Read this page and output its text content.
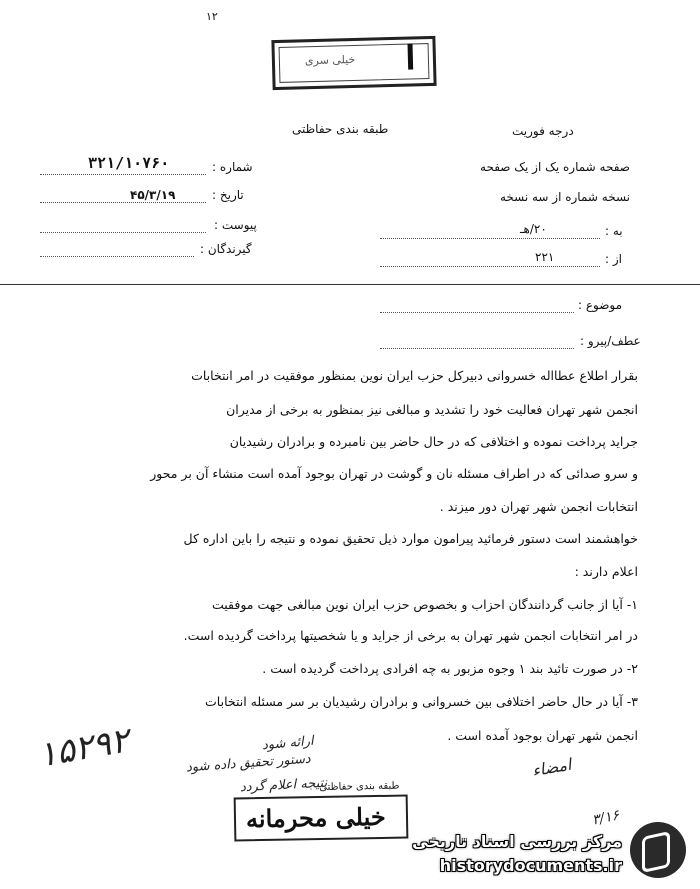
۱۲
خیلی سری
طبقه بندی حفاظتی	درجه فوریت
شماره :
۳۲۱/۱۰۷۶۰
تاریخ :
۴۵/۳/۱۹
پیوست :
گیرندگان :
صفحه شماره یک از یک صفحه
نسخه شماره از سه نسخه
به :
۲۰/هـ
از :
۲۲۱
موضوع :
عطف/پیرو :
بقرار اطلاع عطااله خسروانی دبیرکل حزب ایران نوین بمنظور موفقیت در امر انتخابات
انجمن شهر تهران فعالیت خود را تشدید و مبالغی نیز بمنظور به برخی از مدیران
جراید پرداخت نموده و اختلافی که در حال حاضر بین نامبرده و برادران رشیدیان
و سرو صدائی که در اطراف مسئله نان و گوشت در تهران بوجود آمده است منشاء آن بر محور
انتخابات انجمن شهر تهران دور میزند .
خواهشمند است دستور فرمائید پیرامون موارد ذیل تحقیق نموده و نتیجه را باین اداره کل
اعلام دارند :
۱- آیا از جانب گردانندگان احزاب و بخصوص حزب ایران نوین مبالغی جهت موفقیت
در امر انتخابات انجمن شهر تهران به برخی از جراید و یا شخصیتها پرداخت گردیده است.
۲- در صورت تائید بند ۱ وجوه مزبور به چه افرادی پرداخت گردیده است .
۳- آیا در حال حاضر اختلافی بین خسروانی و برادران رشیدیان بر سر مسئله انتخابات
انجمن شهر تهران بوجود آمده است .
۱۵۲۹۲	ارائه شود
دستور تحقیق داده شود
نتیجه اعلام گردد
امضاء
۳/۱۶
طبقه بندی حفاظتی
خیلی محرمانه
مرکز بررسی اسناد تاریخی
historydocuments.ir
